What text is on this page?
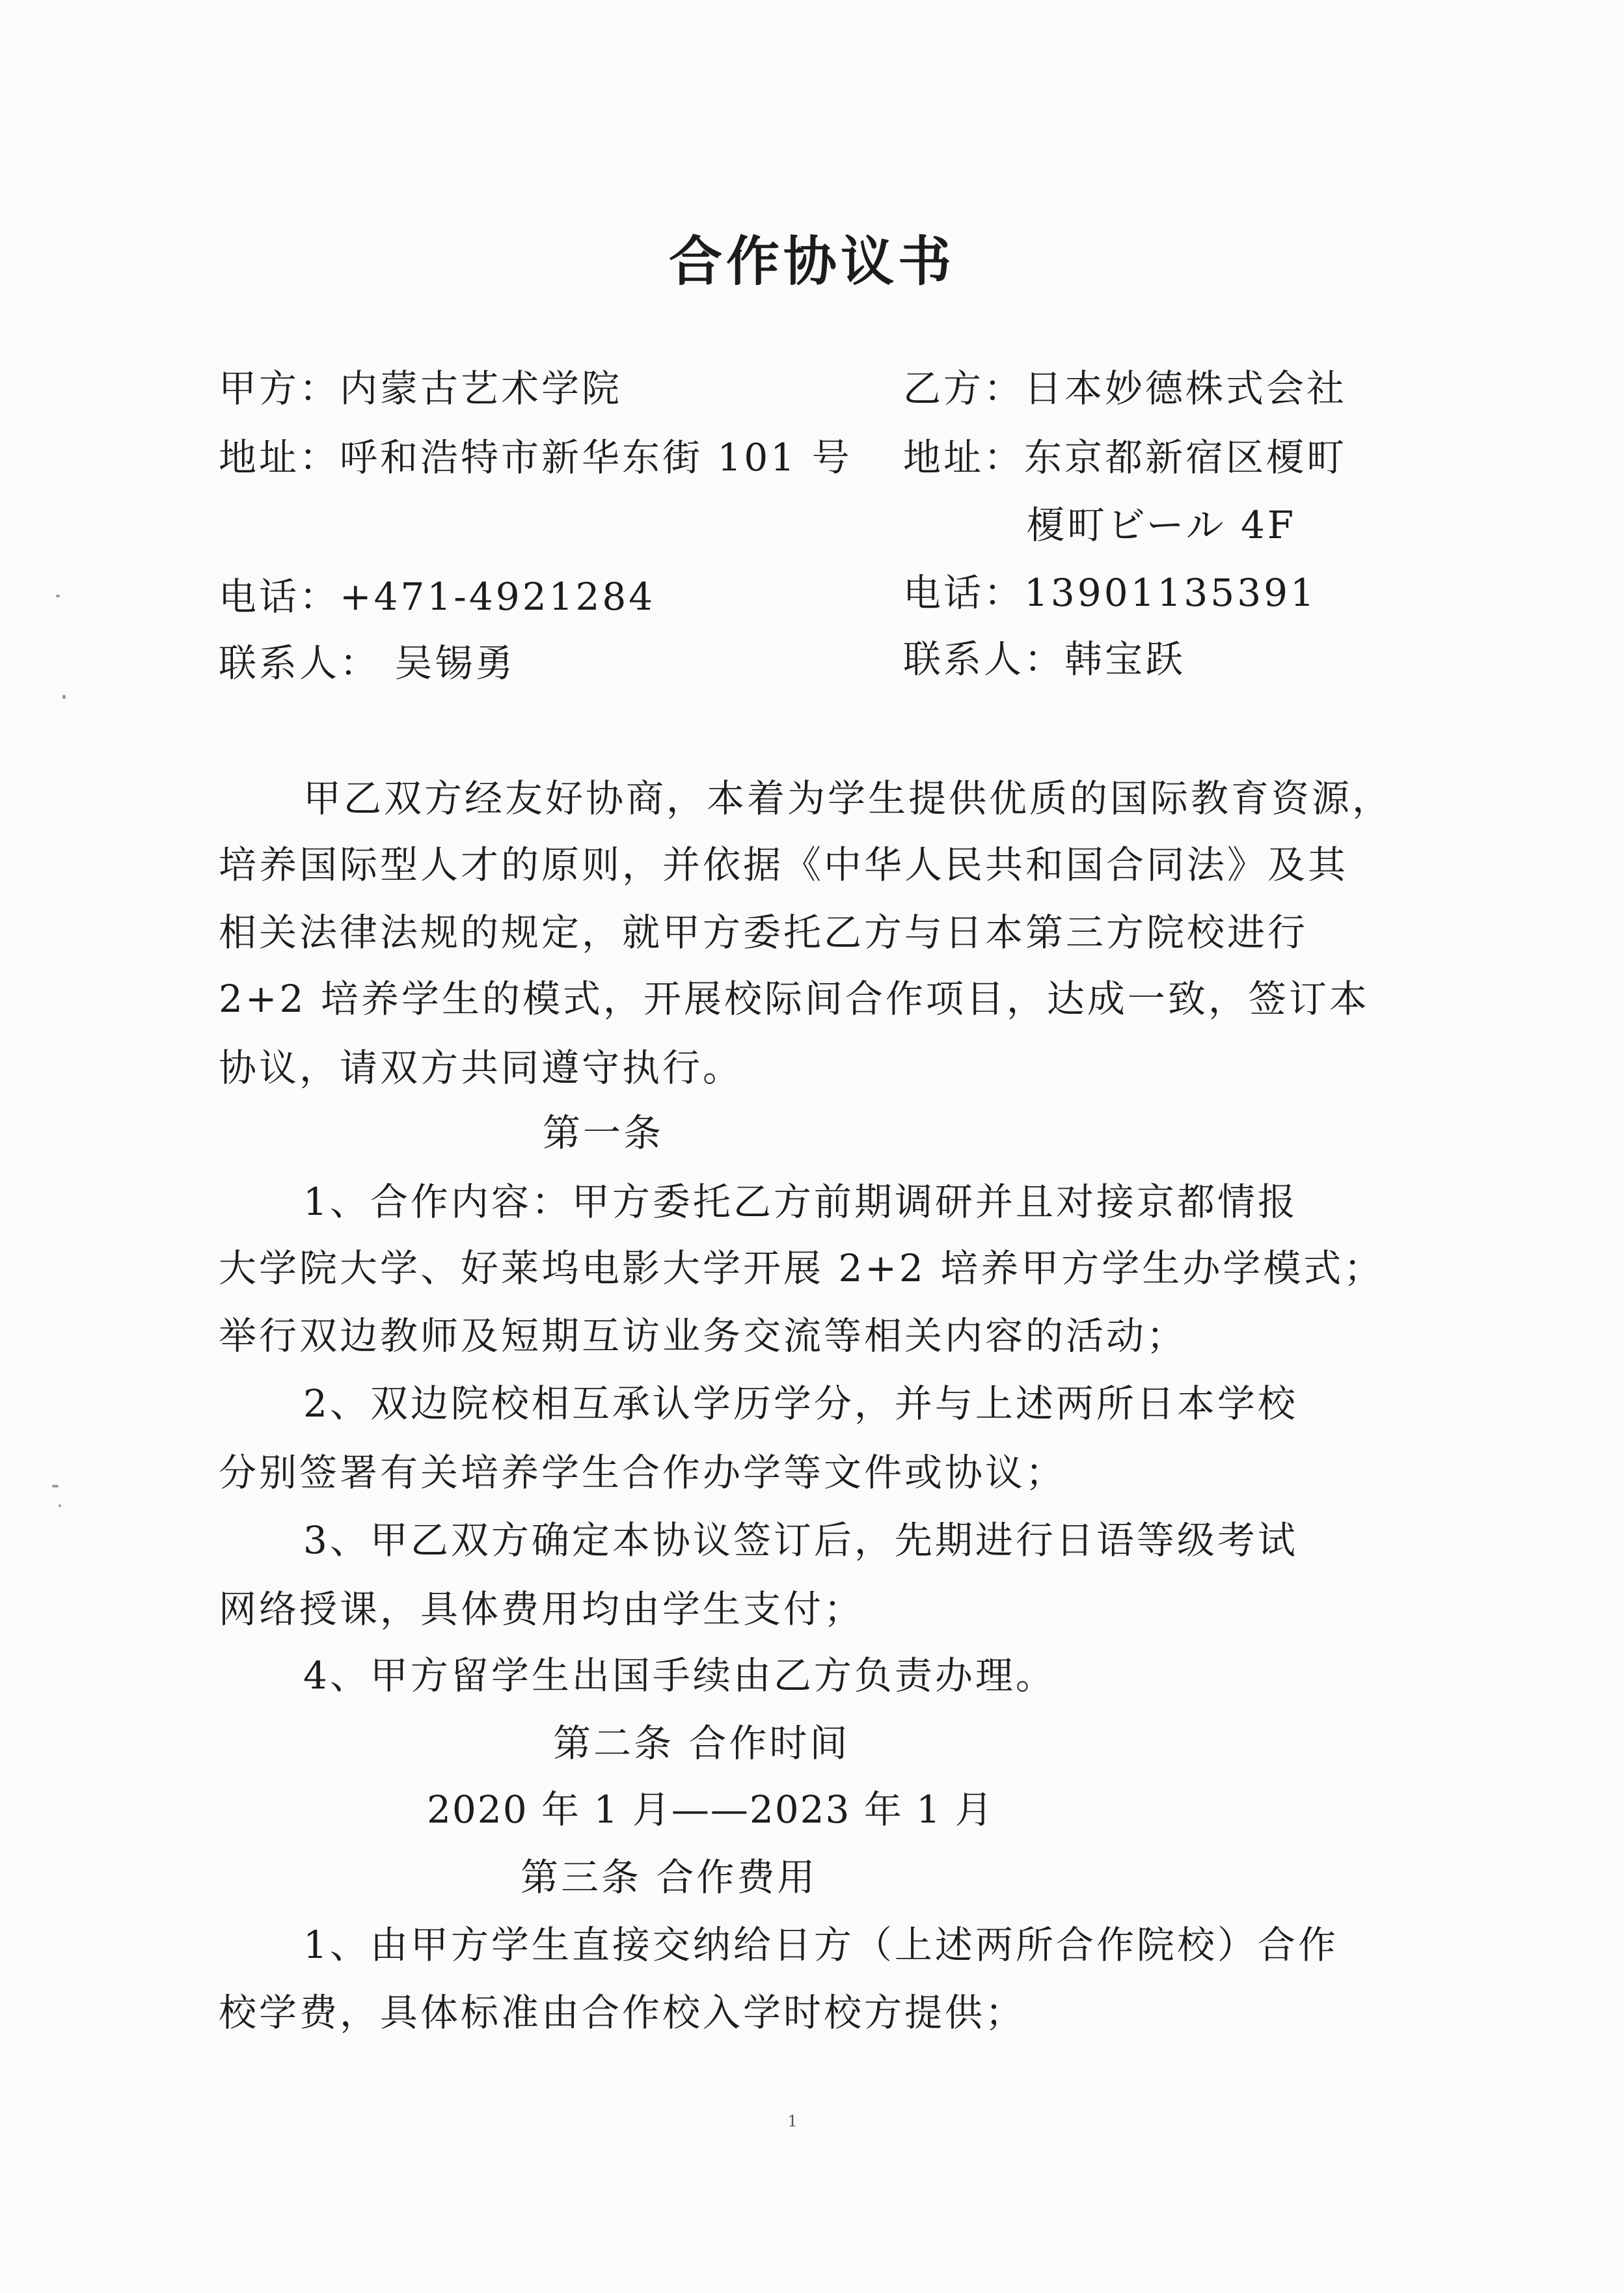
合作协议书
甲方：内蒙古艺术学院
地址：呼和浩特市新华东街 101 号
电话：+471-4921284
联系人： 吴锡勇
乙方：日本妙德株式会社
地址：东京都新宿区榎町
榎町ビール 4F
电话：13901135391
联系人：韩宝跃
甲乙双方经友好协商，本着为学生提供优质的国际教育资源，
培养国际型人才的原则，并依据《中华人民共和国合同法》及其
相关法律法规的规定，就甲方委托乙方与日本第三方院校进行
2+2 培养学生的模式，开展校际间合作项目，达成一致，签订本
协议，请双方共同遵守执行。
第一条
1、合作内容：甲方委托乙方前期调研并且对接京都情报
大学院大学、好莱坞电影大学开展 2+2 培养甲方学生办学模式；
举行双边教师及短期互访业务交流等相关内容的活动；
2、双边院校相互承认学历学分，并与上述两所日本学校
分别签署有关培养学生合作办学等文件或协议；
3、甲乙双方确定本协议签订后，先期进行日语等级考试
网络授课，具体费用均由学生支付；
4、甲方留学生出国手续由乙方负责办理。
第二条 合作时间
2020 年 1 月——2023 年 1 月
第三条 合作费用
1、由甲方学生直接交纳给日方（上述两所合作院校）合作
校学费，具体标准由合作校入学时校方提供；
1
